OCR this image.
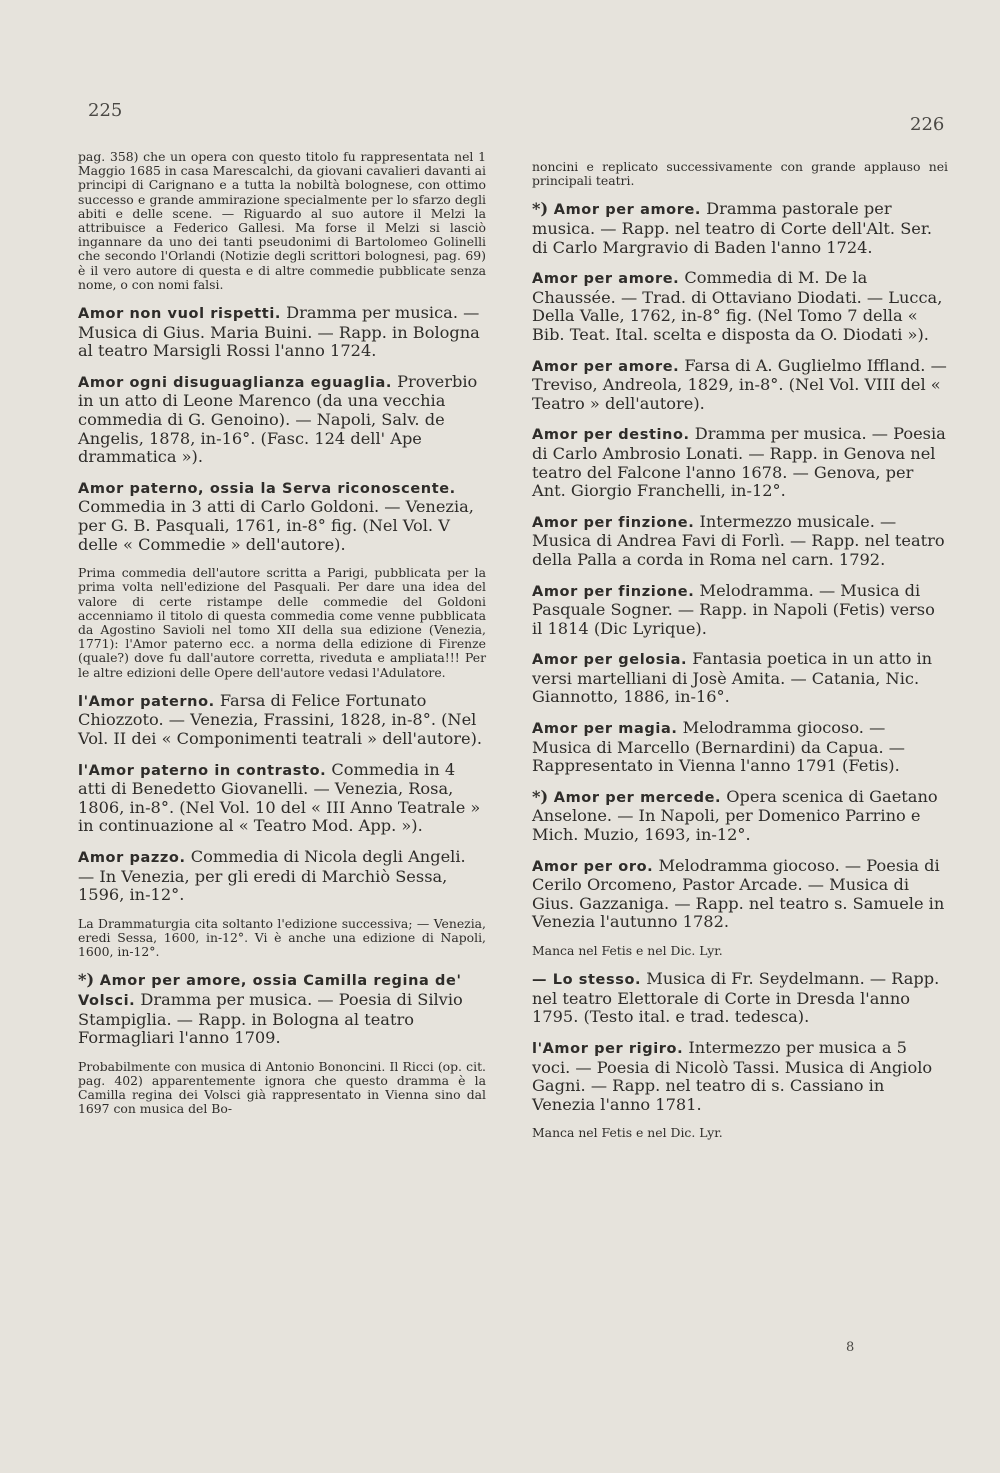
225
226

pag. 358) che un opera con questo titolo fu rappresentata nel 1 Maggio 1685 in casa Marescalchi, da giovani cavalieri davanti ai principi di Carignano e a tutta la nobiltà bolognese, con ottimo successo e grande ammirazione specialmente per lo sfarzo degli abiti e delle scene. — Riguardo al suo autore il Melzi la attribuisce a Federico Gallesi. Ma forse il Melzi si lasciò ingannare da uno dei tanti pseudonimi di Bartolomeo Golinelli che secondo l'Orlandi (Notizie degli scrittori bolognesi, pag. 69) è il vero autore di questa e di altre commedie pubblicate senza nome, o con nomi falsi.

Amor non vuol rispetti. Dramma per musica. — Musica di Gius. Maria Buini. — Rapp. in Bologna al teatro Marsigli Rossi l'anno 1724.

Amor ogni disuguaglianza eguaglia. Proverbio in un atto di Leone Marenco (da una vecchia commedia di G. Genoino). — Napoli, Salv. de Angelis, 1878, in-16°. (Fasc. 124 dell' Ape drammatica »).

Amor paterno, ossia la Serva riconoscente. Commedia in 3 atti di Carlo Goldoni. — Venezia, per G. B. Pasquali, 1761, in-8° fig. (Nel Vol. V delle « Commedie » dell'autore).

Prima commedia dell'autore scritta a Parigi, pubblicata per la prima volta nell'edizione del Pasquali. Per dare una idea del valore di certe ristampe delle commedie del Goldoni accenniamo il titolo di questa commedia come venne pubblicata da Agostino Savioli nel tomo XII della sua edizione (Venezia, 1771): l'Amor paterno ecc. a norma della edizione di Firenze (quale?) dove fu dall'autore corretta, riveduta e ampliata!!! Per le altre edizioni delle Opere dell'autore vedasi l'Adulatore.

l'Amor paterno. Farsa di Felice Fortunato Chiozzoto. — Venezia, Frassini, 1828, in-8°. (Nel Vol. II dei « Componimenti teatrali » dell'autore).

l'Amor paterno in contrasto. Commedia in 4 atti di Benedetto Giovanelli. — Venezia, Rosa, 1806, in-8°. (Nel Vol. 10 del « III Anno Teatrale » in continuazione al « Teatro Mod. App. »).

Amor pazzo. Commedia di Nicola degli Angeli. — In Venezia, per gli eredi di Marchiò Sessa, 1596, in-12°.

La Drammaturgia cita soltanto l'edizione successiva; — Venezia, eredi Sessa, 1600, in-12°. Vi è anche una edizione di Napoli, 1600, in-12°.

*) Amor per amore, ossia Camilla regina de' Volsci. Dramma per musica. — Poesia di Silvio Stampiglia. — Rapp. in Bologna al teatro Formagliari l'anno 1709.

Probabilmente con musica di Antonio Bononcini. Il Ricci (op. cit. pag. 402) apparentemente ignora che questo dramma è la Camilla regina dei Volsci già rappresentato in Vienna sino dal 1697 con musica del Bo-

noncini e replicato successivamente con grande applauso nei principali teatri.

*) Amor per amore. Dramma pastorale per musica. — Rapp. nel teatro di Corte dell'Alt. Ser. di Carlo Margravio di Baden l'anno 1724.

Amor per amore. Commedia di M. De la Chaussée. — Trad. di Ottaviano Diodati. — Lucca, Della Valle, 1762, in-8° fig. (Nel Tomo 7 della « Bib. Teat. Ital. scelta e disposta da O. Diodati »).

Amor per amore. Farsa di A. Guglielmo Iffland. — Treviso, Andreola, 1829, in-8°. (Nel Vol. VIII del « Teatro » dell'autore).

Amor per destino. Dramma per musica. — Poesia di Carlo Ambrosio Lonati. — Rapp. in Genova nel teatro del Falcone l'anno 1678. — Genova, per Ant. Giorgio Franchelli, in-12°.

Amor per finzione. Intermezzo musicale. — Musica di Andrea Favi di Forlì. — Rapp. nel teatro della Palla a corda in Roma nel carn. 1792.

Amor per finzione. Melodramma. — Musica di Pasquale Sogner. — Rapp. in Napoli (Fetis) verso il 1814 (Dic Lyrique).

Amor per gelosia. Fantasia poetica in un atto in versi martelliani di Josè Amita. — Catania, Nic. Giannotto, 1886, in-16°.

Amor per magia. Melodramma giocoso. — Musica di Marcello (Bernardini) da Capua. — Rappresentato in Vienna l'anno 1791 (Fetis).

*) Amor per mercede. Opera scenica di Gaetano Anselone. — In Napoli, per Domenico Parrino e Mich. Muzio, 1693, in-12°.

Amor per oro. Melodramma giocoso. — Poesia di Cerilo Orcomeno, Pastor Arcade. — Musica di Gius. Gazzaniga. — Rapp. nel teatro s. Samuele in Venezia l'autunno 1782.

Manca nel Fetis e nel Dic. Lyr.

— Lo stesso. Musica di Fr. Seydelmann. — Rapp. nel teatro Elettorale di Corte in Dresda l'anno 1795. (Testo ital. e trad. tedesca).

l'Amor per rigiro. Intermezzo per musica a 5 voci. — Poesia di Nicolò Tassi. Musica di Angiolo Gagni. — Rapp. nel teatro di s. Cassiano in Venezia l'anno 1781.

Manca nel Fetis e nel Dic. Lyr.

8
